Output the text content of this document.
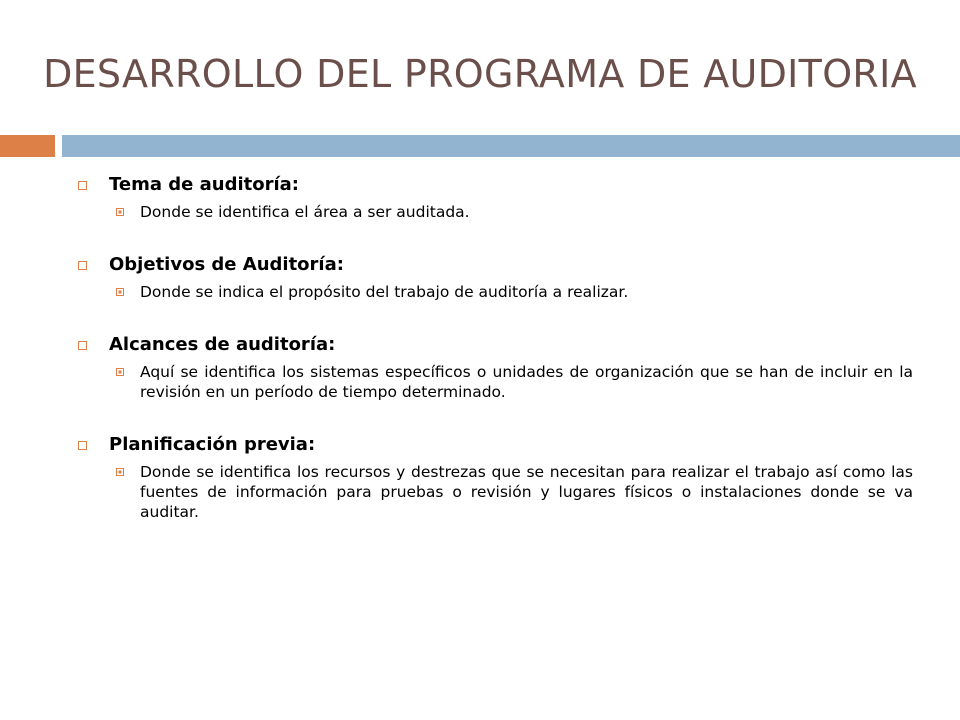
DESARROLLO DEL PROGRAMA DE AUDITORIA
Tema de auditoría:
Donde se identifica el área a ser auditada.
Objetivos de Auditoría:
Donde se indica el propósito del trabajo de auditoría a realizar.
Alcances de auditoría:
Aquí se identifica los sistemas específicos o unidades de organización que se han de incluir en la revisión en un período de tiempo determinado.
Planificación previa:
Donde se identifica los recursos y destrezas que se necesitan para realizar el trabajo así como las fuentes de información para pruebas o revisión y lugares físicos o instalaciones donde se va auditar.
